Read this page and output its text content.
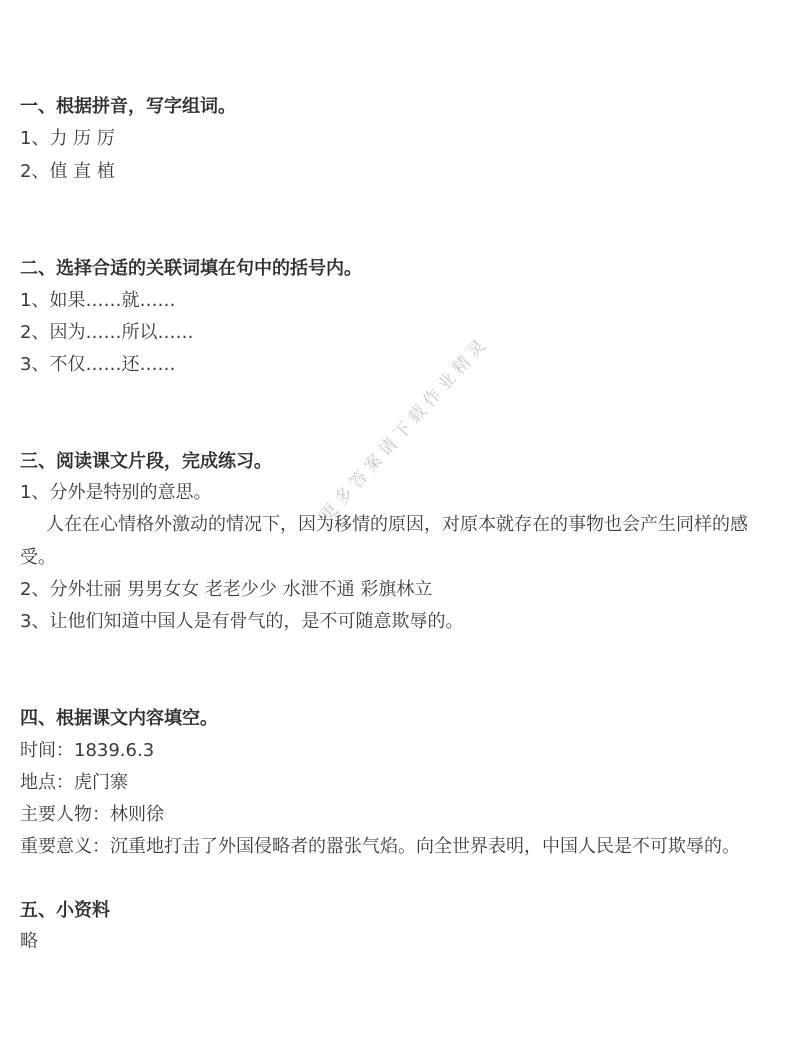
一、根据拼音，写字组词。
1、力 历 厉
2、值 直 植
二、选择合适的关联词填在句中的括号内。
1、如果……就……
2、因为……所以……
3、不仅……还……
三、阅读课文片段，完成练习。
1、分外是特别的意思。
人在在心情格外激动的情况下，因为移情的原因，对原本就存在的事物也会产生同样的感受。
2、分外壮丽 男男女女 老老少少 水泄不通 彩旗林立
3、让他们知道中国人是有骨气的，是不可随意欺辱的。
四、根据课文内容填空。
时间：1839.6.3
地点：虎门寨
主要人物：林则徐
重要意义：沉重地打击了外国侵略者的嚣张气焰。向全世界表明，中国人民是不可欺辱的。
五、小资料
略
更多答案请下载作业精灵
